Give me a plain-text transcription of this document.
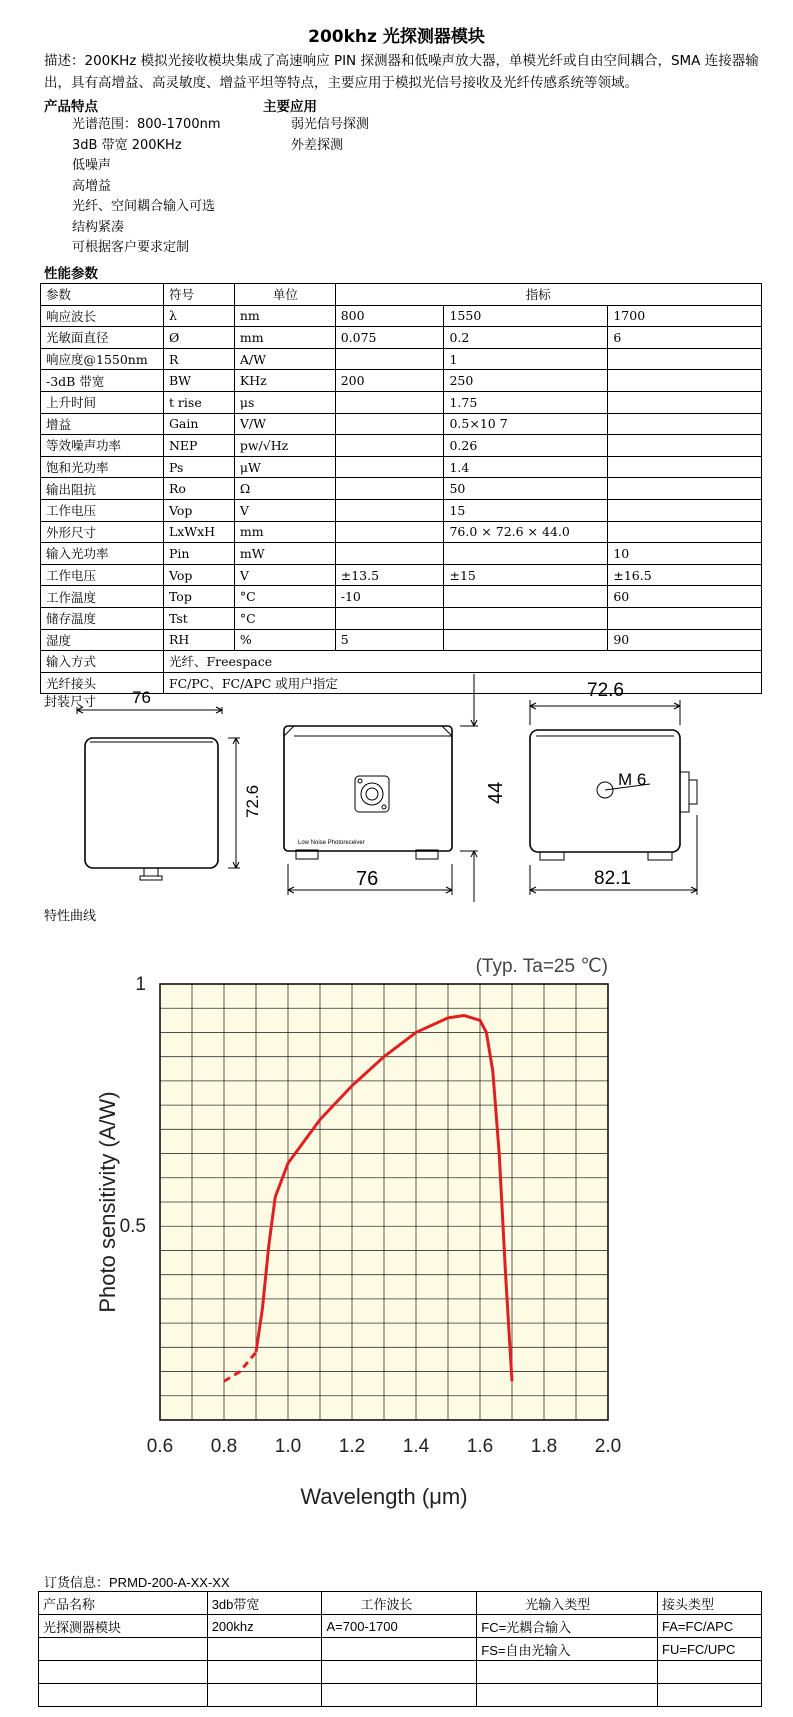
200khz 光探测器模块
描述：200KHz 模拟光接收模块集成了高速响应 PIN 探测器和低噪声放大器，单模光纤或自由空间耦合，SMA 连接器输出，具有高增益、高灵敏度、增益平坦等特点，主要应用于模拟光信号接收及光纤传感系统等领域。
产品特点
光谱范围：800-1700nm
3dB 带宽 200KHz
低噪声
高增益
光纤、空间耦合输入可选
结构紧凑
可根据客户要求定制
主要应用
弱光信号探测
外差探测
性能参数
参数	符号	单位	指标		
响应波长	λ	nm	800	1550	1700
光敏面直径	Ø	mm	0.075	0.2	6
响应度@1550nm	R	A/W		1	
-3dB 带宽	BW	KHz	200	250	
上升时间	t rise	μs		1.75	
增益	Gain	V/W		0.5×10 7	
等效噪声功率	NEP	pw/√Hz		0.26	
饱和光功率	Ps	μW		1.4	
输出阻抗	Ro	Ω		50	
工作电压	Vop	V		15	
外形尺寸	LxWxH	mm		76.0 × 72.6 × 44.0	
输入光功率	Pin	mW			10
工作电压	Vop	V	±13.5	±15	±16.5
工作温度	Top	°C	-10		60
储存温度	Tst	°C			
湿度	RH	%	5		90
输入方式	光纤、Freespace				
光纤接头	FC/PC、FC/APC 或用户指定				
封装尺寸 76
72.6
76
44
Low Noise Photoreceiver
72.6
M 6
82.1
特性曲线
0.6 0.8 1.0 1.2 1.4 1.6 1.8 2.0
1
0.5
(Typ. Ta=25 ℃)
Wavelength (μm)
Photo sensitivity (A/W)
订货信息：PRMD-200-A-XX-XX
产品名称	3db带宽	工作波长	光输入类型	接头类型
光探测器模块	200khz	A=700-1700	FC=光耦合输入	FA=FC/APC
			FS=自由光输入	FU=FC/UPC
